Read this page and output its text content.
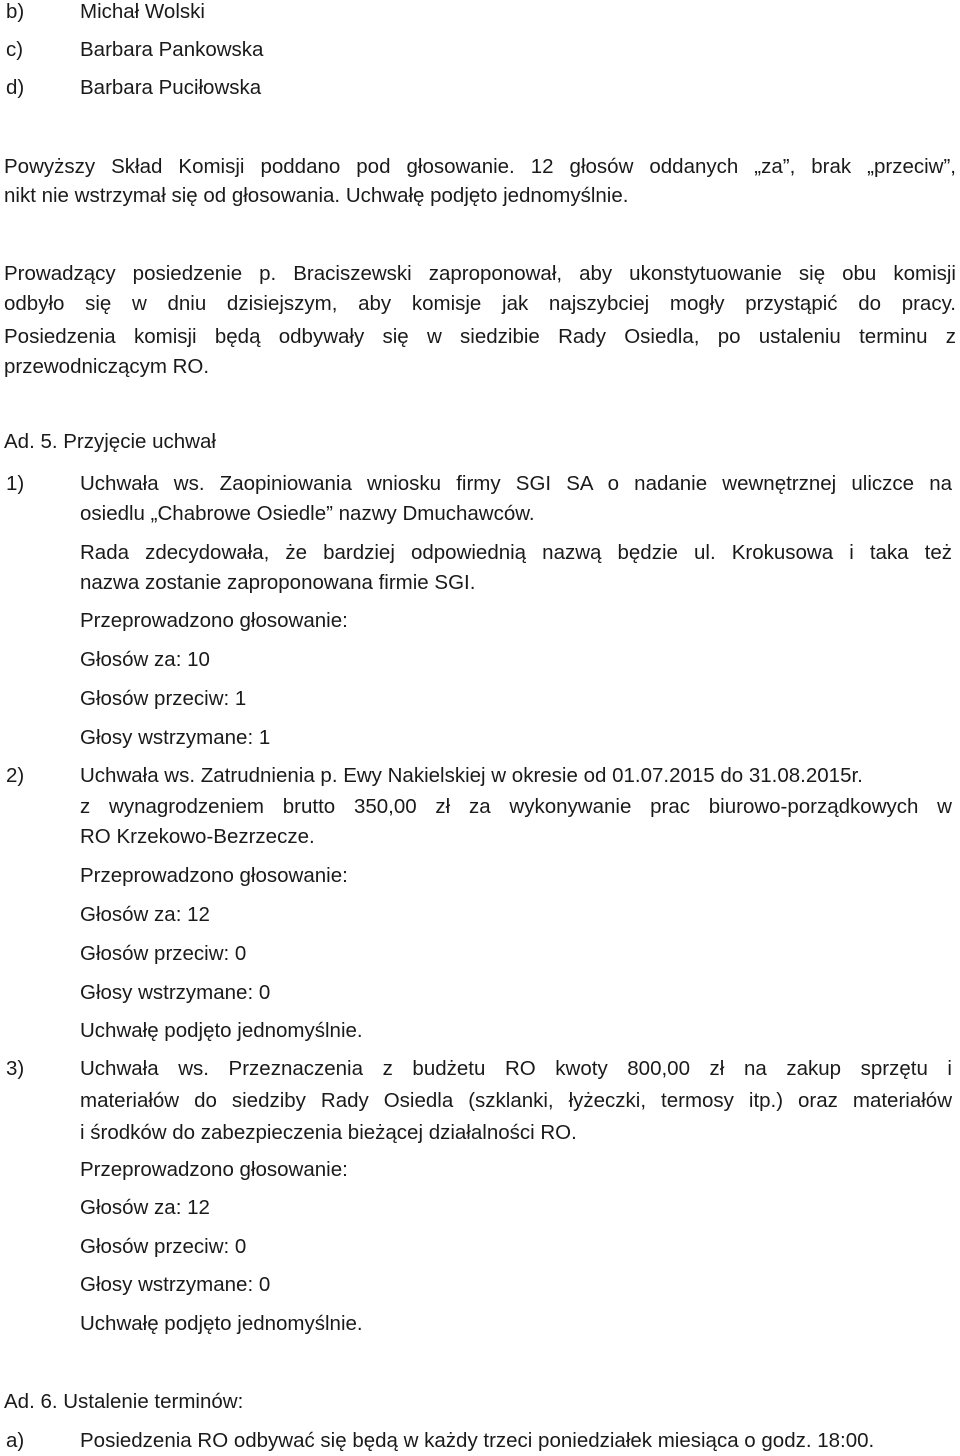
b)	Michał Wolski
c)	Barbara Pankowska
d)	Barbara Puciłowska
Powyższy Skład Komisji poddano pod głosowanie. 12 głosów oddanych „za”, brak „przeciw”,
nikt nie wstrzymał się od głosowania. Uchwałę podjęto jednomyślnie.
Prowadzący posiedzenie p. Braciszewski zaproponował, aby ukonstytuowanie się obu komisji
odbyło się w dniu dzisiejszym, aby komisje jak najszybciej mogły przystąpić do pracy.
Posiedzenia komisji będą odbywały się w siedzibie Rady Osiedla, po ustaleniu terminu z
przewodniczącym RO.
Ad. 5. Przyjęcie uchwał
1)	Uchwała ws. Zaopiniowania wniosku firmy SGI SA o nadanie wewnętrznej uliczce na
osiedlu „Chabrowe Osiedle” nazwy Dmuchawców.
Rada zdecydowała, że bardziej odpowiednią nazwą będzie ul. Krokusowa i taka też
nazwa zostanie zaproponowana firmie SGI.
Przeprowadzono głosowanie:
Głosów za: 10
Głosów przeciw: 1
Głosy wstrzymane: 1
2)	Uchwała ws. Zatrudnienia p. Ewy Nakielskiej w okresie od 01.07.2015 do 31.08.2015r.
z wynagrodzeniem brutto 350,00 zł za wykonywanie prac biurowo-porządkowych w
RO Krzekowo-Bezrzecze.
Przeprowadzono głosowanie:
Głosów za: 12
Głosów przeciw: 0
Głosy wstrzymane: 0
Uchwałę podjęto jednomyślnie.
3)	Uchwała ws. Przeznaczenia z budżetu RO kwoty 800,00 zł na zakup sprzętu i
materiałów do siedziby Rady Osiedla (szklanki, łyżeczki, termosy itp.) oraz materiałów
i środków do zabezpieczenia bieżącej działalności RO.
Przeprowadzono głosowanie:
Głosów za: 12
Głosów przeciw: 0
Głosy wstrzymane: 0
Uchwałę podjęto jednomyślnie.
Ad. 6. Ustalenie terminów:
a)	Posiedzenia RO odbywać się będą w każdy trzeci poniedziałek miesiąca o godz. 18:00.
